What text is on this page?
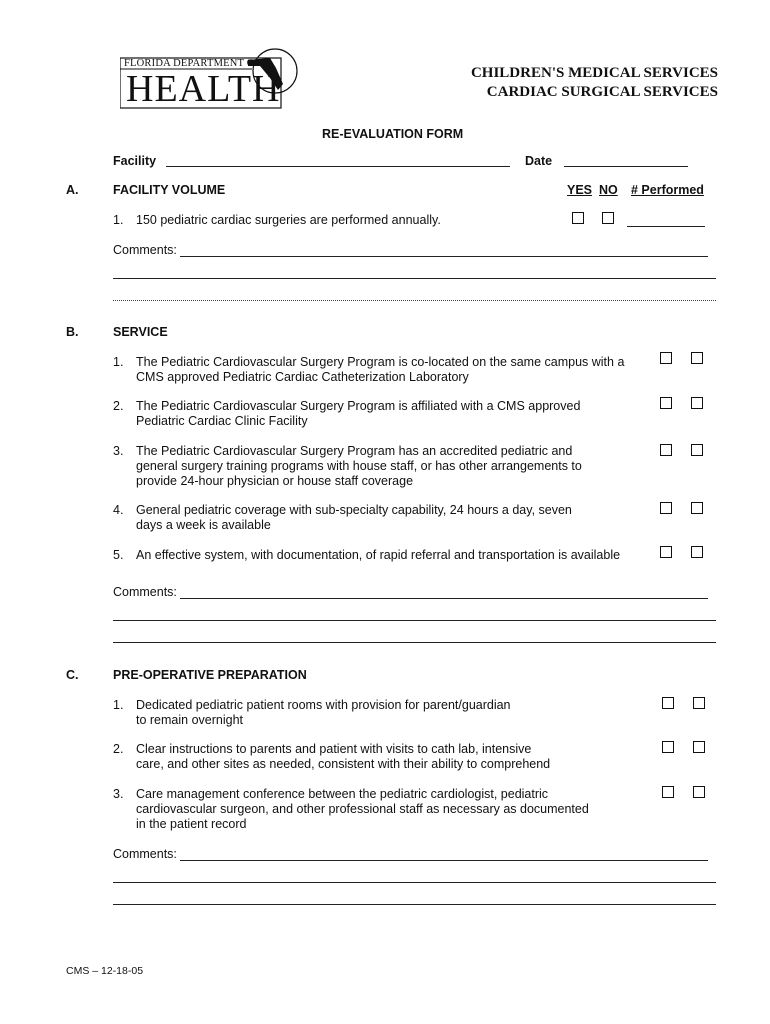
FLORIDA DEPARTMENT OF
HEALTH	CHILDREN'S MEDICAL SERVICES
CARDIAC SURGICAL SERVICES
RE-EVALUATION FORM
Facility	Date
A.	FACILITY VOLUME	YES NO # Performed
1. 150 pediatric cardiac surgeries are performed annually.
Comments:
B.	SERVICE
1. The Pediatric Cardiovascular Surgery Program is co-located on the same campus with a
CMS approved Pediatric Cardiac Catheterization Laboratory
2. The Pediatric Cardiovascular Surgery Program is affiliated with a CMS approved
Pediatric Cardiac Clinic Facility
3. The Pediatric Cardiovascular Surgery Program has an accredited pediatric and
general surgery training programs with house staff, or has other arrangements to
provide 24-hour physician or house staff coverage
4. General pediatric coverage with sub-specialty capability, 24 hours a day, seven
days a week is available
5. An effective system, with documentation, of rapid referral and transportation is available
Comments:
C.	PRE-OPERATIVE PREPARATION
1. Dedicated pediatric patient rooms with provision for parent/guardian
to remain overnight
2. Clear instructions to parents and patient with visits to cath lab, intensive
care, and other sites as needed, consistent with their ability to comprehend
3. Care management conference between the pediatric cardiologist, pediatric
cardiovascular surgeon, and other professional staff as necessary as documented
in the patient record
Comments:
CMS – 12-18-05
